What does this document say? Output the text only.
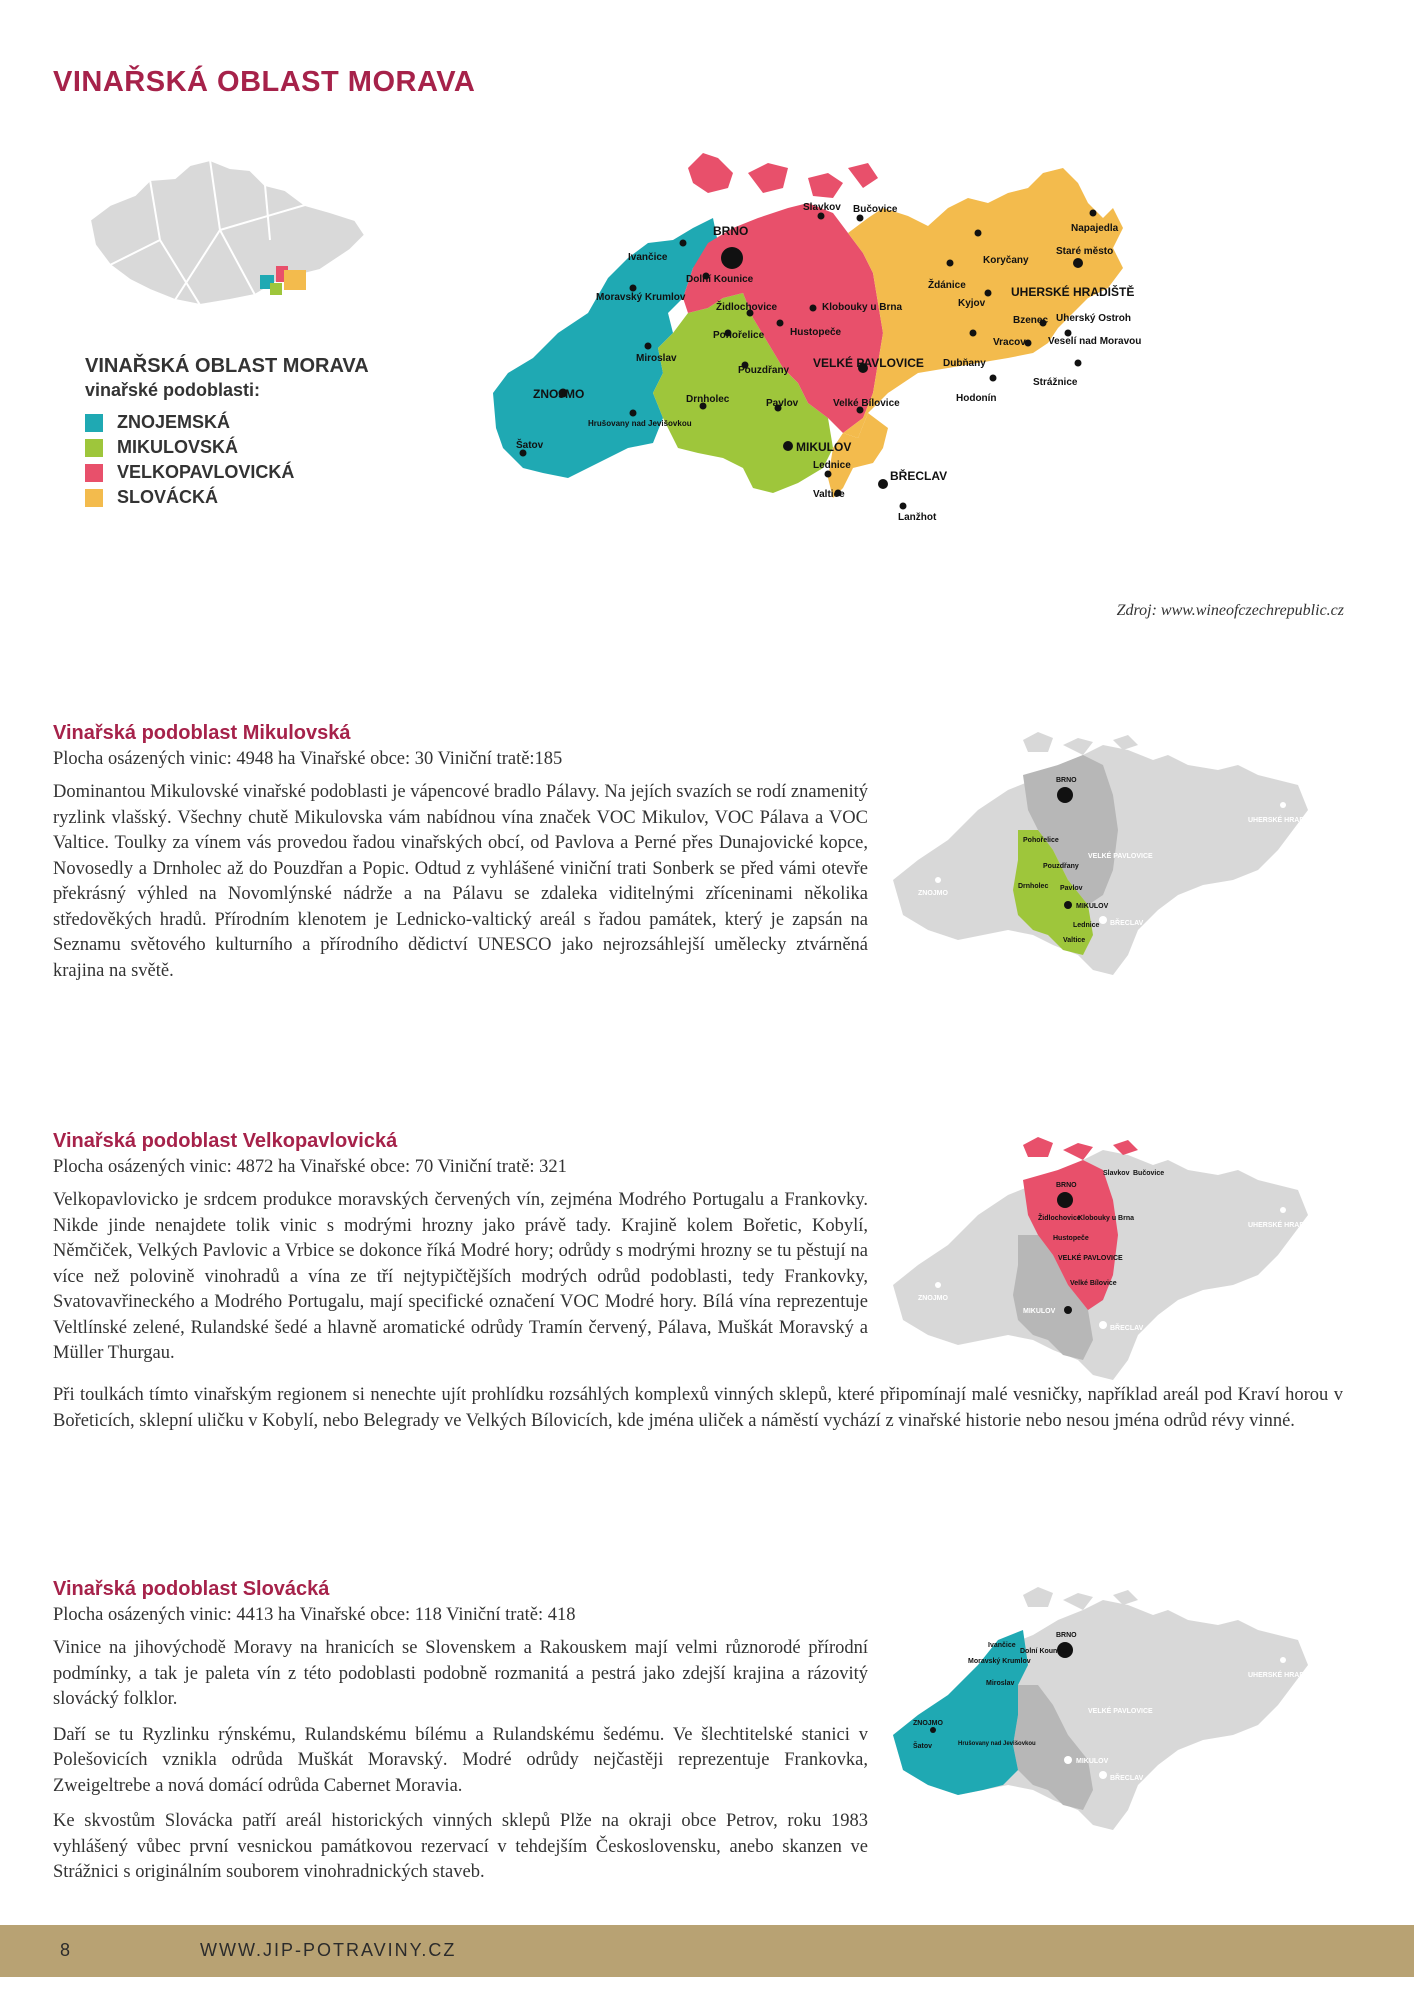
VINAŘSKÁ OBLAST MORAVA
VINAŘSKÁ OBLAST MORAVA
vinařské podoblasti:
ZNOJEMSKÁ
MIKULOVSKÁ
VELKOPAVLOVICKÁ
SLOVÁCKÁ
BRNO
Slavkov Bučovice
Napajedla
Staré město
Koryčany
UHERSKÉ HRADIŠTĚ
Ždánice
Kyjov
Bzenec Uherský Ostroh
Vracov Veselí nad Moravou
Strážnice
Dubňany
Hodonín
Ivančice
Dolní Kounice
Moravský Krumlov
Židlochovice	Klobouky u Brna
Hustopeče
Pohořelice
Pouzdřany
Miroslav	VELKÉ PAVLOVICE
ZNOJMO	Drnholec	Pavlov	Velké Bílovice
Hrušovany nad Jevišovkou
Šatov	MIKULOV
Lednice
BŘECLAV
Valtice
Lanžhot
Zdroj: www.wineofczechrepublic.cz
Vinařská podoblast Mikulovská

Plocha osázených vinic: 4948 ha Vinařské obce: 30 Viniční tratě:185

Dominantou Mikulovské vinařské podoblasti je vápencové bradlo Pálavy. Na jejích svazích se rodí znamenitý ryzlink vlašský. Všechny chutě Mikulovska vám nabídnou vína značek VOC Mikulov, VOC Pálava a VOC Valtice. Toulky za vínem vás provedou řadou vinařských obcí, od Pavlova a Perné přes Dunajovické kopce, Novosedly a Drnholec až do Pouzdřan a Popic. Odtud z vyhlášené viniční trati Sonberk se před vámi otevře překrásný výhled na Novomlýnské nádrže a na Pálavu se zdaleka viditelnými zříceninami několika středověkých hradů. Přírodním klenotem je Lednicko-valtický areál s řadou památek, který je zapsán na Seznamu světového kulturního a přírodního dědictví UNESCO jako nejrozsáhlejší umělecky ztvárněná krajina na světě.

BRNO
UHERSKÉ HRADIŠTĚ
ZNOJMO
Pohořelice
Pouzdřany
Drnholec Pavlov
VELKÉ PAVLOVICE
MIKULOV
Lednice BŘECLAV
Valtice
Vinařská podoblast Velkopavlovická

Plocha osázených vinic: 4872 ha Vinařské obce: 70 Viniční tratě: 321

Velkopavlovicko je srdcem produkce moravských červených vín, zejména Modrého Portugalu a Frankovky. Nikde jinde nenajdete tolik vinic s modrými hrozny jako právě tady. Krajině kolem Bořetic, Kobylí, Němčiček, Velkých Pavlovic a Vrbice se dokonce říká Modré hory; odrůdy s modrými hrozny se tu pěstují na více než polovině vinohradů a vína ze tří nejtypičtějších modrých odrůd podoblasti, tedy Frankovky, Svatovavřineckého a Modrého Portugalu, mají specifické označení VOC Modré hory. Bílá vína reprezentuje Veltlínské zelené, Rulandské šedé a hlavně aromatické odrůdy Tramín červený, Pálava, Muškát Moravský a Müller Thurgau.

Při toulkách tímto vinařským regionem si nenechte ujít prohlídku rozsáhlých komplexů vinných sklepů, které připomínají malé vesničky, například areál pod Kraví horou v Bořeticích, sklepní uličku v Kobylí, nebo Belegrady ve Velkých Bílovicích, kde jména uliček a náměstí vychází z vinařské historie nebo nesou jména odrůd révy vinné.

BRNO
Slavkov Bučovice
UHERSKÉ HRADIŠTĚ
ZNOJMO
Židlochovice
Klobouky u Brna
Hustopeče
VELKÉ PAVLOVICE
Velké Bílovice
MIKULOV
BŘECLAV
Vinařská podoblast Slovácká

Plocha osázených vinic: 4413 ha Vinařské obce: 118 Viniční tratě: 418

Vinice na jihovýchodě Moravy na hranicích se Slovenskem a Rakouskem mají velmi různorodé přírodní podmínky, a tak je paleta vín z této podoblasti podobně rozmanitá a pestrá jako zdejší krajina a rázovitý slovácký folklor.

Daří se tu Ryzlinku rýnskému, Rulandskému bílému a Rulandskému šedému. Ve šlechtitelské stanici v Polešovicích vznikla odrůda Muškát Moravský. Modré odrůdy nejčastěji reprezentuje Frankovka, Zweigeltrebe a nová domácí odrůda Cabernet Moravia.

Ke skvostům Slovácka patří areál historických vinných sklepů Plže na okraji obce Petrov, roku 1983 vyhlášený vůbec první vesnickou památkovou rezervací v tehdejším Československu, anebo skanzen ve Strážnici s originálním souborem vinohradnických staveb.

BRNO
UHERSKÉ HRADIŠTĚ
Ivančice
Dolní Kounice
Moravský Krumlov
Miroslav
ZNOJMO
Šatov	Hrušovany nad Jevišovkou
VELKÉ PAVLOVICE
MIKULOV
BŘECLAV
8	WWW.JIP-POTRAVINY.CZ
